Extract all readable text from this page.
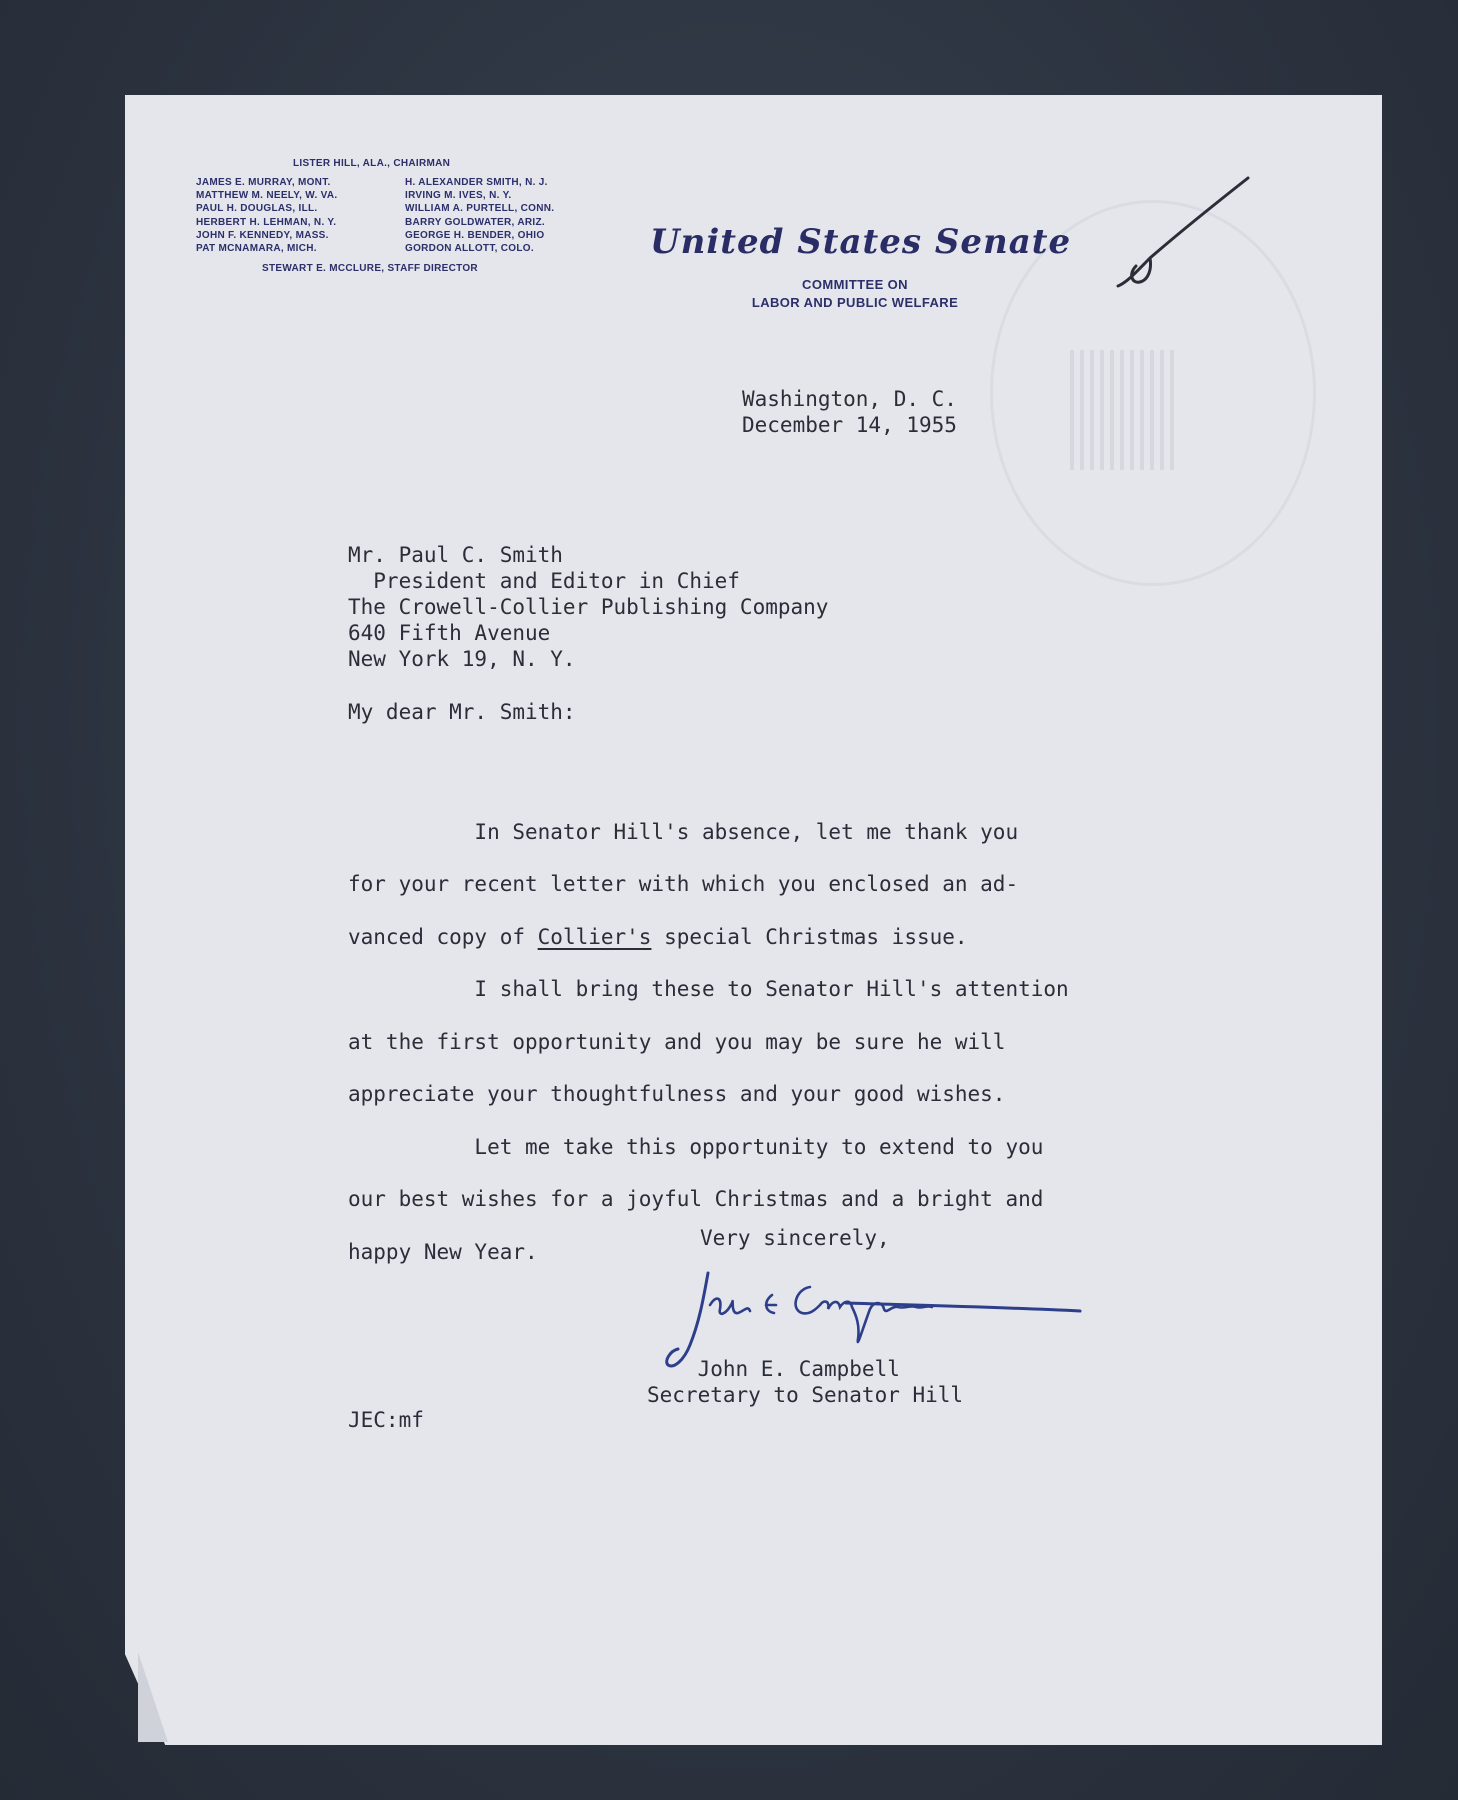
LISTER HILL, ALA., CHAIRMAN
JAMES E. MURRAY, MONT.
MATTHEW M. NEELY, W. VA.
PAUL H. DOUGLAS, ILL.
HERBERT H. LEHMAN, N. Y.
JOHN F. KENNEDY, MASS.
PAT MCNAMARA, MICH.
H. ALEXANDER SMITH, N. J.
IRVING M. IVES, N. Y.
WILLIAM A. PURTELL, CONN.
BARRY GOLDWATER, ARIZ.
GEORGE H. BENDER, OHIO
GORDON ALLOTT, COLO.
STEWART E. MCCLURE, STAFF DIRECTOR
United States Senate
COMMITTEE ON
LABOR AND PUBLIC WELFARE
Washington, D. C.
December 14, 1955
Mr. Paul C. Smith
President and Editor in Chief
The Crowell-Collier Publishing Company
640 Fifth Avenue
New York 19, N. Y.
My dear Mr. Smith:

In Senator Hill's absence, let me thank you
for your recent letter with which you enclosed an ad-
vanced copy of Collier's special Christmas issue.
I shall bring these to Senator Hill's attention
at the first opportunity and you may be sure he will
appreciate your thoughtfulness and your good wishes.
Let me take this opportunity to extend to you
our best wishes for a joyful Christmas and a bright and
happy New Year.

Very sincerely,

John E. Campbell
Secretary to Senator Hill

JEC:mf
